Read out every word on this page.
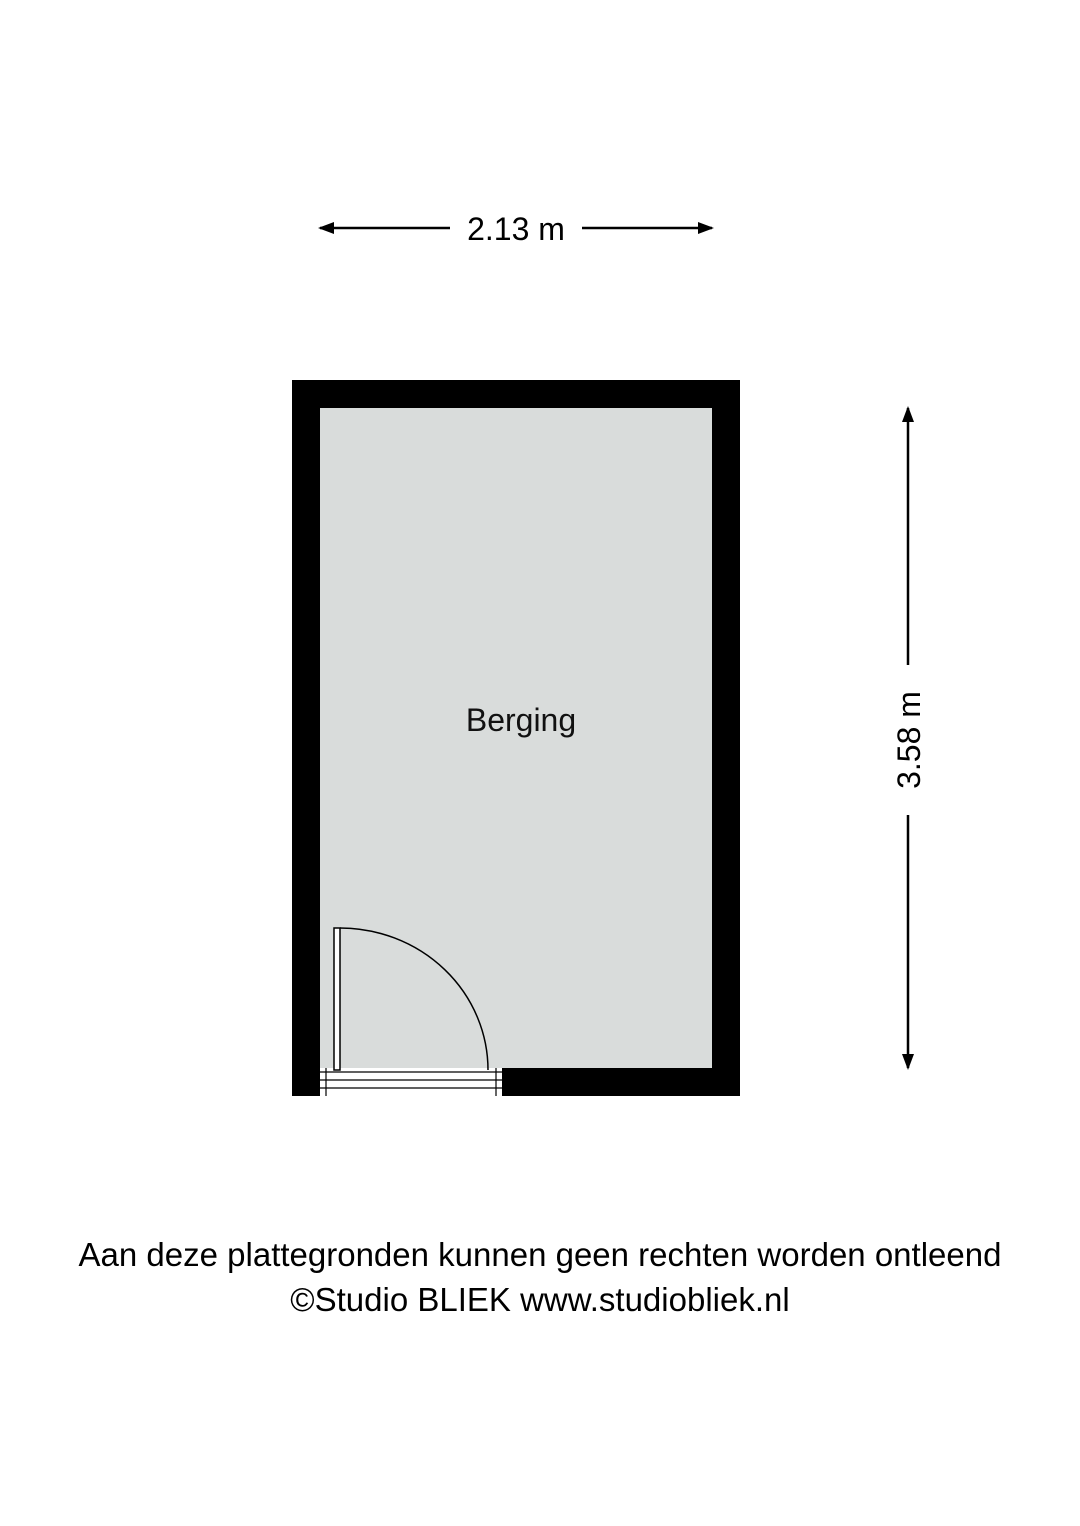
2.13 m
3.58 m
Berging
Aan deze plattegronden kunnen geen rechten worden ontleend
©Studio BLIEK www.studiobliek.nl
